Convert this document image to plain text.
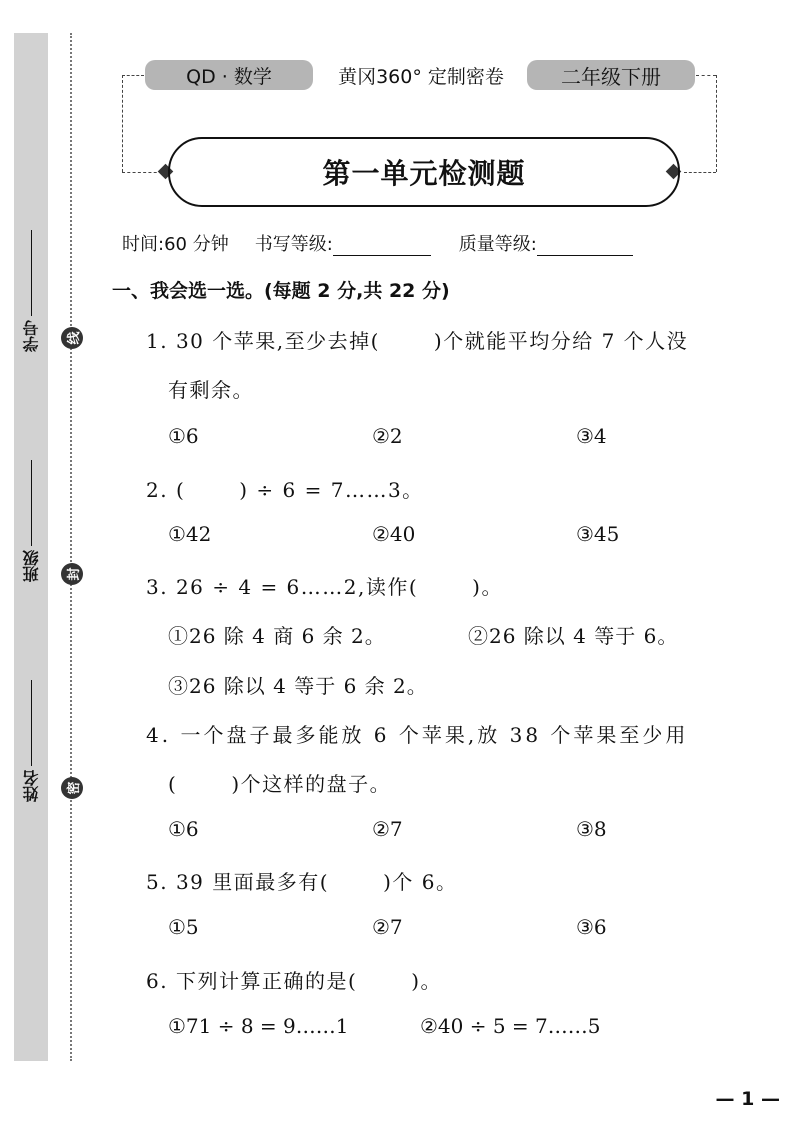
学号
班级
姓名
线
封
密
QD · 数学	黄冈360° 定制密卷	二年级下册
第一单元检测题
时间:60 分钟 书写等级:	质量等级:
一、我会选一选。(每题 2 分,共 22 分)
1. 30 个苹果,至少去掉(	)个就能平均分给 7 个人没
有剩余。
①6	②2	③4
2. (	) ÷ 6 = 7……3。
①42	②40	③45
3. 26 ÷ 4 = 6……2,读作(	)。
①26 除 4 商 6 余 2。	②26 除以 4 等于 6。
③26 除以 4 等于 6 余 2。
4. 一个盘子最多能放 6 个苹果,放 38 个苹果至少用
(	)个这样的盘子。
①6	②7	③8
5. 39 里面最多有(	)个 6。
①5	②7	③6
6. 下列计算正确的是(	)。
①71 ÷ 8 = 9……1	②40 ÷ 5 = 7……5
— 1 —
